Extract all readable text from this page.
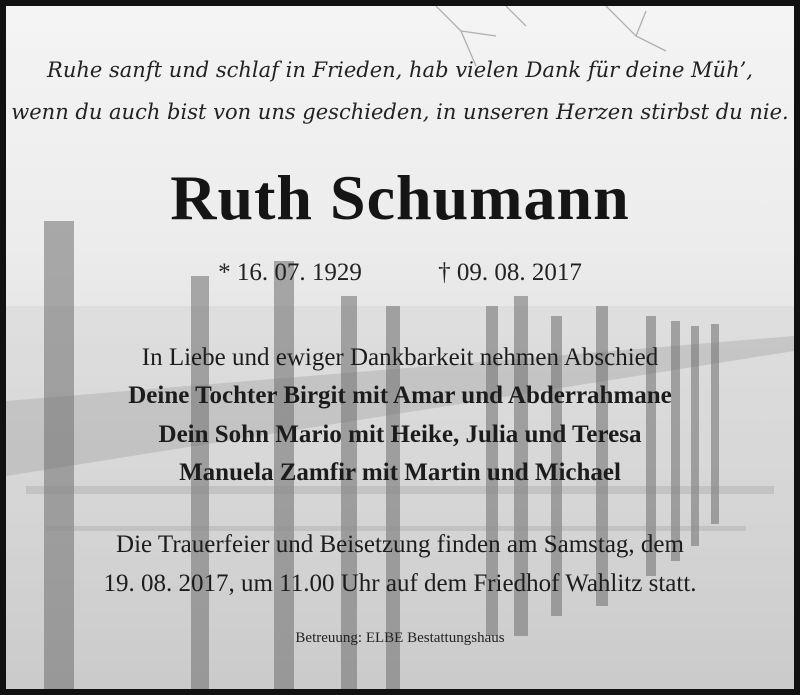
Ruhe sanft und schlaf in Frieden, hab vielen Dank für deine Müh’,
wenn du auch bist von uns geschieden, in unseren Herzen stirbst du nie.
Ruth Schumann
* 16. 07. 1929	† 09. 08. 2017
In Liebe und ewiger Dankbarkeit nehmen Abschied
Deine Tochter Birgit mit Amar und Abderrahmane
Dein Sohn Mario mit Heike, Julia und Teresa
Manuela Zamfir mit Martin und Michael
Die Trauerfeier und Beisetzung finden am Samstag, dem
19. 08. 2017, um 11.00 Uhr auf dem Friedhof Wahlitz statt.
Betreuung: ELBE Bestattungshaus
